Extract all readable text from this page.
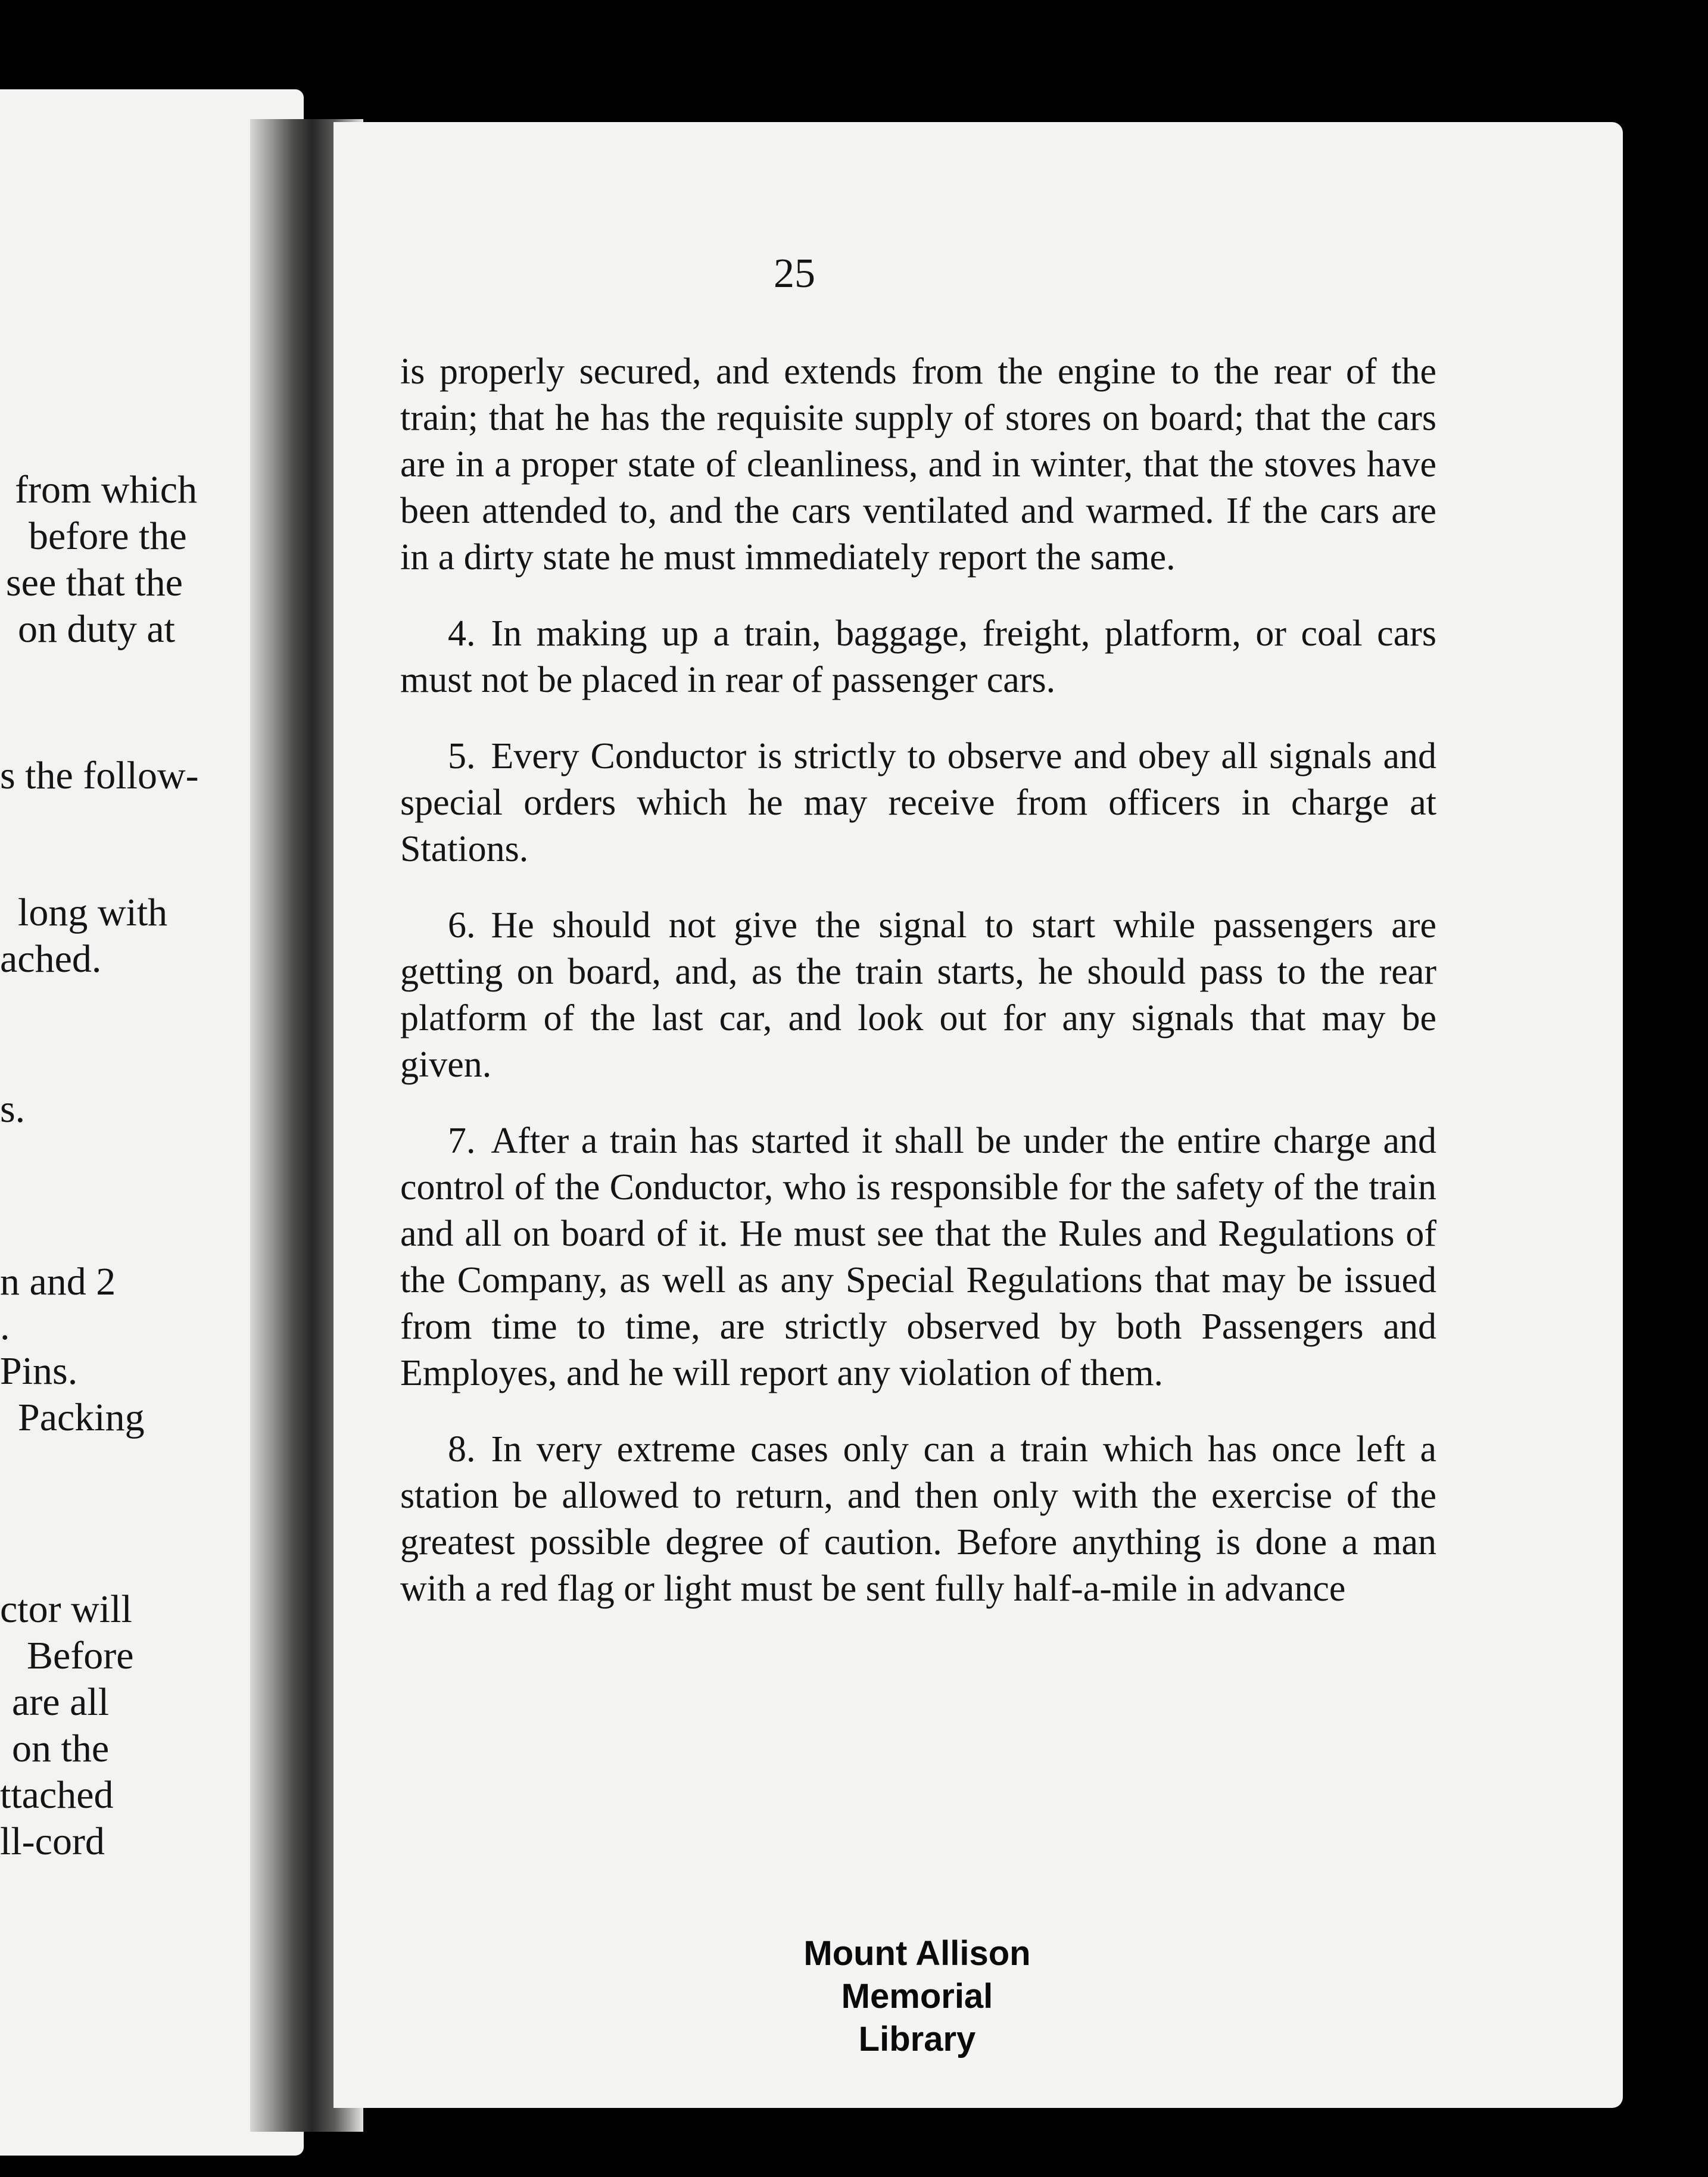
from which
before the
see that the
on duty at
s the follow-
long with
ached.
s.
n and 2
.
Pins.
Packing
ctor will
Before
are all
on the
ttached
ll-cord
25

is properly secured, and extends from the engine to the rear of the train; that he has the requisite supply of stores on board; that the cars are in a proper state of cleanliness, and in winter, that the stoves have been attended to, and the cars ventilated and warmed. If the cars are in a dirty state he must immediately report the same.

4. In making up a train, baggage, freight, platform, or coal cars must not be placed in rear of passenger cars.

5. Every Conductor is strictly to observe and obey all signals and special orders which he may receive from officers in charge at Stations.

6. He should not give the signal to start while passengers are getting on board, and, as the train starts, he should pass to the rear platform of the last car, and look out for any signals that may be given.

7. After a train has started it shall be under the entire charge and control of the Conductor, who is responsible for the safety of the train and all on board of it. He must see that the Rules and Regulations of the Company, as well as any Special Regulations that may be issued from time to time, are strictly observed by both Passengers and Employes, and he will report any violation of them.

8. In very extreme cases only can a train which has once left a station be allowed to return, and then only with the exercise of the greatest possible degree of caution. Before anything is done a man with a red flag or light must be sent fully half-a-mile in advance

Mount Allison
Memorial
Library
